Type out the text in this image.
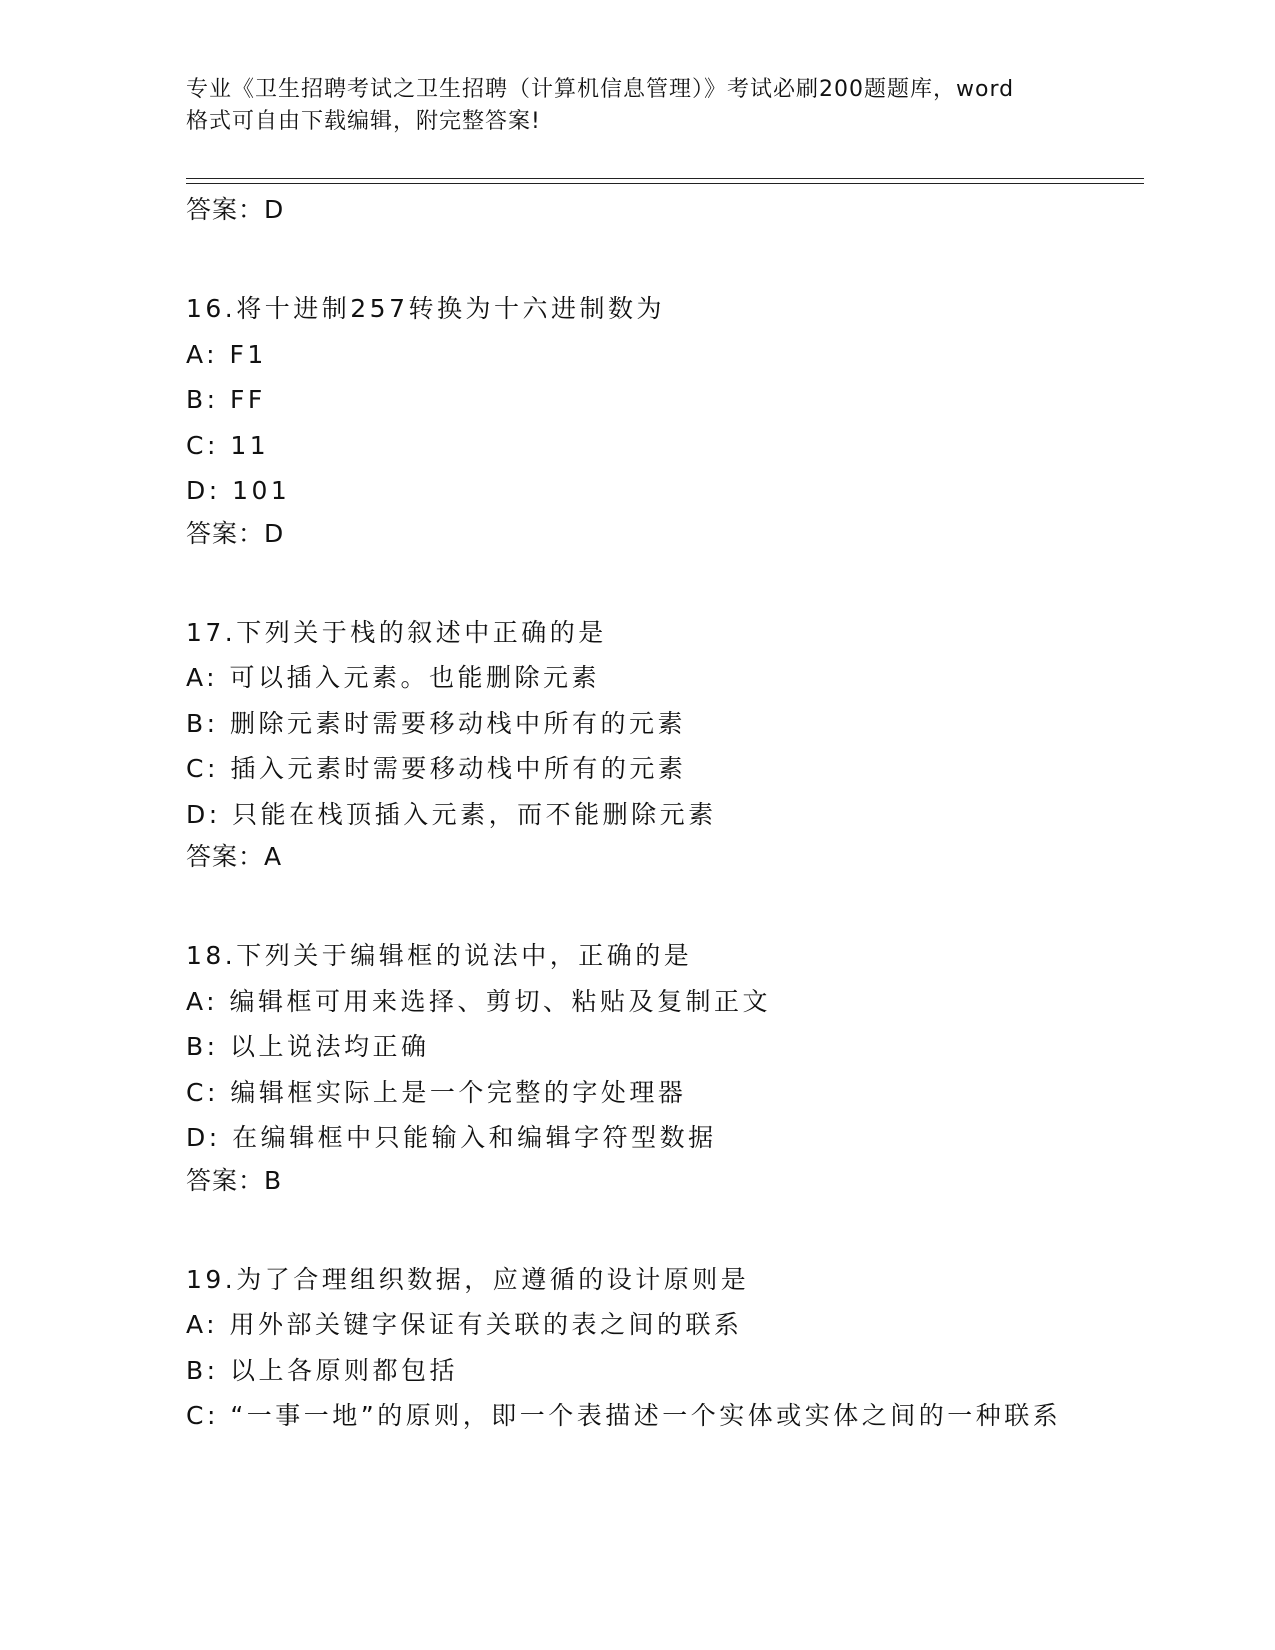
专业《卫生招聘考试之卫生招聘（计算机信息管理）》考试必刷200题题库，word
格式可自由下载编辑，附完整答案!
答案：D
16.将十进制257转换为十六进制数为
A: F1
B: FF
C: 11
D: 101
答案：D
17.下列关于栈的叙述中正确的是
A: 可以插入元素。也能删除元素
B: 删除元素时需要移动栈中所有的元素
C: 插入元素时需要移动栈中所有的元素
D: 只能在栈顶插入元素，而不能删除元素
答案：A
18.下列关于编辑框的说法中，正确的是
A: 编辑框可用来选择、剪切、粘贴及复制正文
B: 以上说法均正确
C: 编辑框实际上是一个完整的字处理器
D: 在编辑框中只能输入和编辑字符型数据
答案：B
19.为了合理组织数据，应遵循的设计原则是
A: 用外部关键字保证有关联的表之间的联系
B: 以上各原则都包括
C: “一事一地”的原则，即一个表描述一个实体或实体之间的一种联系
